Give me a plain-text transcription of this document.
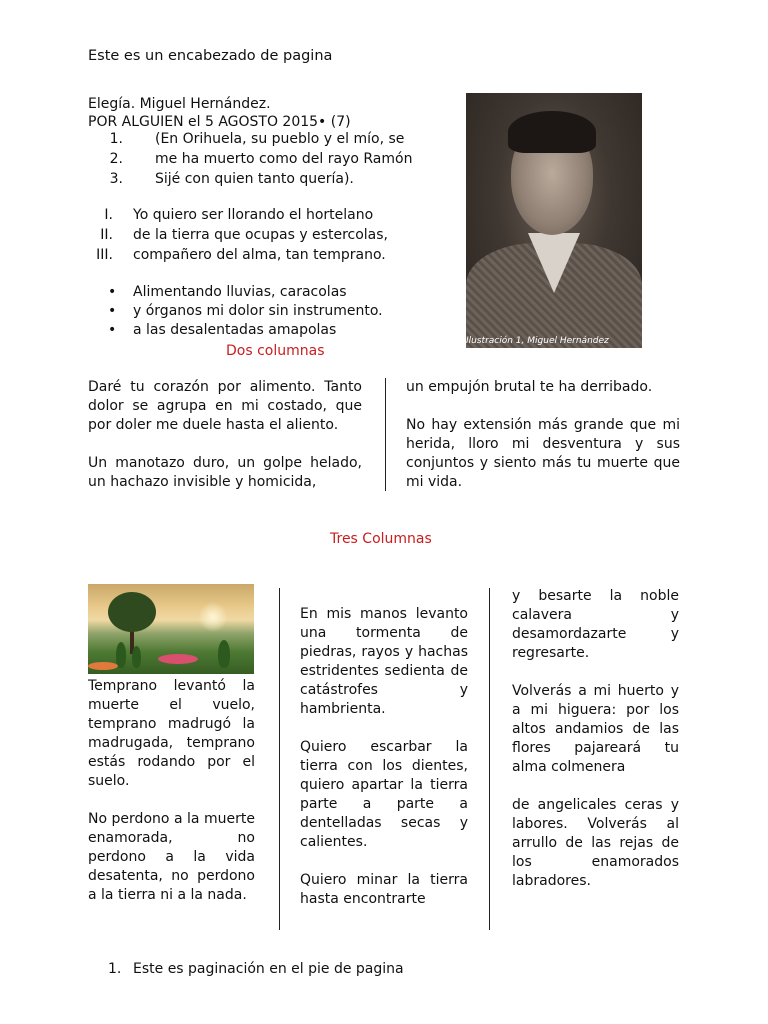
Este es un encabezado de pagina
Elegía. Miguel Hernández.
POR ALGUIEN el 5 AGOSTO 2015• (7)
1. (En Orihuela, su pueblo y el mío, se
2. me ha muerto como del rayo Ramón
3. Sijé con quien tanto quería).
I. Yo quiero ser llorando el hortelano
II. de la tierra que ocupas y estercolas,
III. compañero del alma, tan temprano.
• Alimentando lluvias, caracolas
• y órganos mi dolor sin instrumento.
• a las desalentadas amapolas
Ilustración 1, Miguel Hernández
Dos columnas

Daré tu corazón por alimento. Tanto dolor se agrupa en mi costado, que por doler me duele hasta el aliento.

Un manotazo duro, un golpe helado, un hachazo invisible y homicida,

un empujón brutal te ha derribado.

No hay extensión más grande que mi herida, lloro mi desventura y sus conjuntos y siento más tu muerte que mi vida.

Tres Columnas

Temprano levantó la muerte el vuelo, temprano madrugó la madrugada, temprano estás rodando por el suelo.

No perdono a la muerte enamorada, no perdono a la vida desatenta, no perdono a la tierra ni a la nada.

En mis manos levanto una tormenta de piedras, rayos y hachas estridentes sedienta de catástrofes y hambrienta.

Quiero escarbar la tierra con los dientes, quiero apartar la tierra parte a parte a dentelladas secas y calientes.

Quiero minar la tierra hasta encontrarte

y besarte la noble calavera y desamordazarte y regresarte.

Volverás a mi huerto y a mi higuera: por los altos andamios de las flores pajareará tu alma colmenera

de angelicales ceras y labores. Volverás al arrullo de las rejas de los enamorados labradores.

1. Este es paginación en el pie de pagina
